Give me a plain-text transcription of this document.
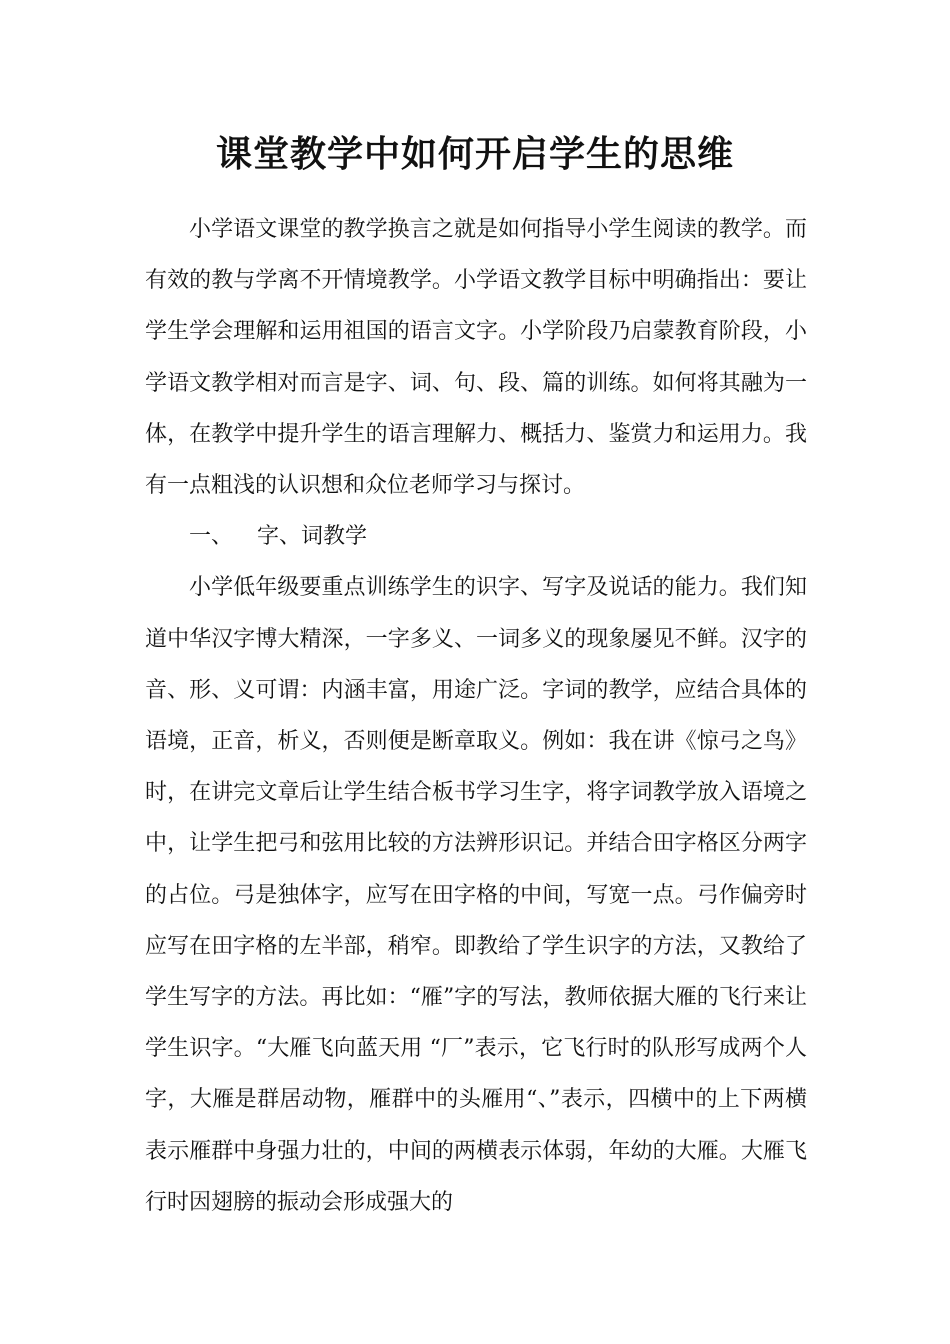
课堂教学中如何开启学生的思维

小学语文课堂的教学换言之就是如何指导小学生阅读的教学。而有效的教与学离不开情境教学。小学语文教学目标中明确指出：要让学生学会理解和运用祖国的语言文字。小学阶段乃启蒙教育阶段，小学语文教学相对而言是字、词、句、段、篇的训练。如何将其融为一体，在教学中提升学生的语言理解力、概括力、鉴赏力和运用力。我有一点粗浅的认识想和众位老师学习与探讨。

一、 字、词教学

小学低年级要重点训练学生的识字、写字及说话的能力。我们知道中华汉字博大精深，一字多义、一词多义的现象屡见不鲜。汉字的音、形、义可谓：内涵丰富，用途广泛。字词的教学，应结合具体的语境，正音，析义，否则便是断章取义。例如：我在讲《惊弓之鸟》时，在讲完文章后让学生结合板书学习生字，将字词教学放入语境之中，让学生把弓和弦用比较的方法辨形识记。并结合田字格区分两字的占位。弓是独体字，应写在田字格的中间，写宽一点。弓作偏旁时应写在田字格的左半部，稍窄。即教给了学生识字的方法，又教给了学生写字的方法。再比如：“雁”字的写法，教师依据大雁的飞行来让学生识字。“大雁飞向蓝天用 “厂”表示，它飞行时的队形写成两个人字，大雁是群居动物，雁群中的头雁用“、”表示，四横中的上下两横表示雁群中身强力壮的，中间的两横表示体弱，年幼的大雁。大雁飞行时因翅膀的振动会形成强大的
